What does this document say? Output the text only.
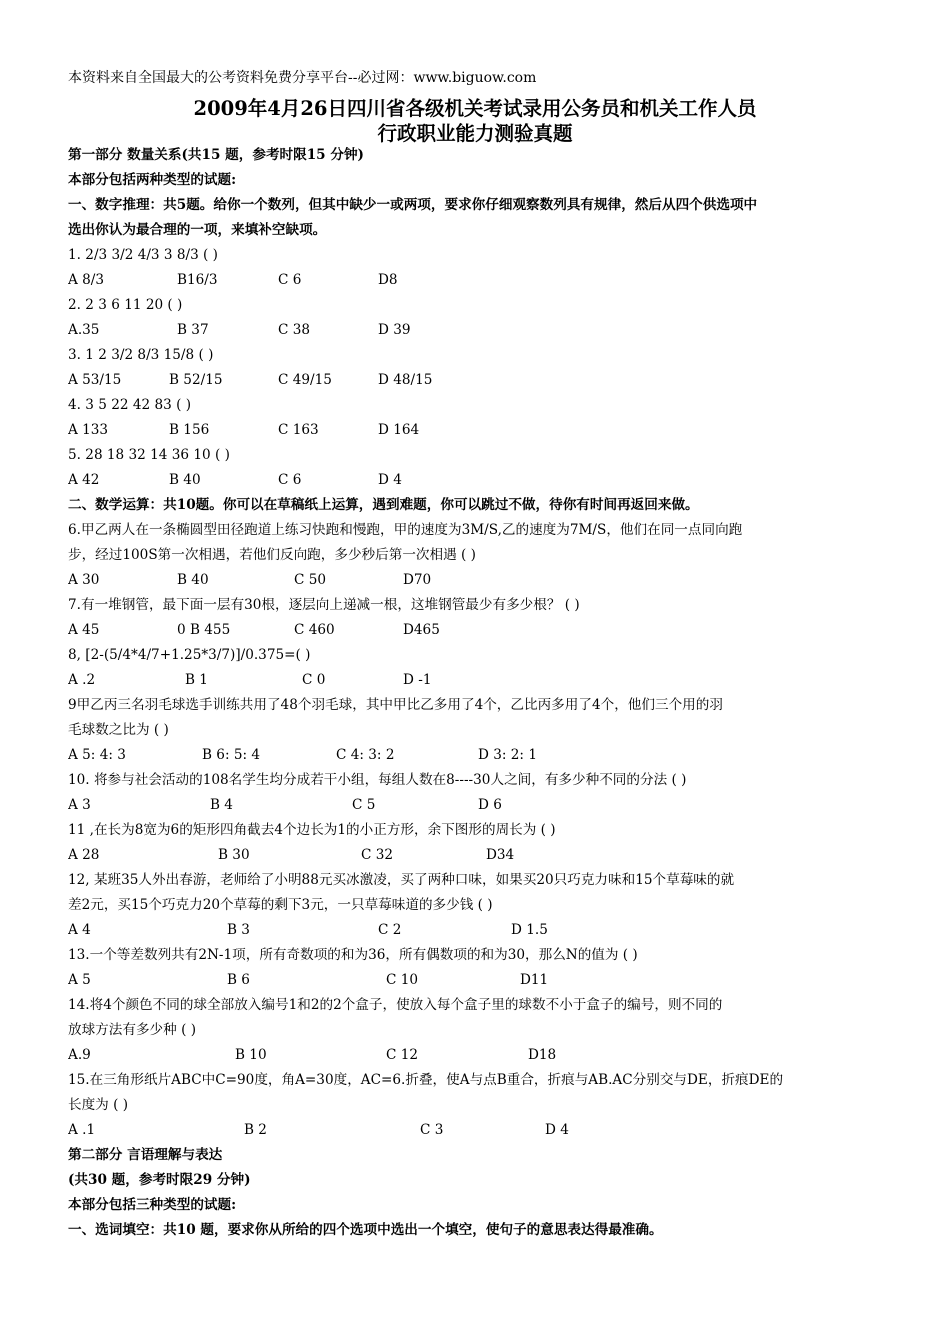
本资料来自全国最大的公考资料免费分享平台--必过网：www.biguow.com
2009年4月26日四川省各级机关考试录用公务员和机关工作人员
行政职业能力测验真题
第一部分 数量关系(共15 题，参考时限15 分钟)
本部分包括两种类型的试题:
一、数字推理：共5题。给你一个数列，但其中缺少一或两项，要求你仔细观察数列具有规律，然后从四个供选项中
选出你认为最合理的一项，来填补空缺项。
1. 2/3 3/2 4/3 3 8/3 ( )
A 8/3	B16/3	C 6	D8
2. 2 3 6 11 20 ( )
A.35	B 37	C 38	D 39
3. 1 2 3/2 8/3 15/8 ( )
A 53/15	B 52/15	C 49/15	D 48/15
4. 3 5 22 42 83 ( )
A 133	B 156	C 163	D 164
5. 28 18 32 14 36 10 ( )
A 42	B 40	C 6	D 4
二、数学运算：共10题。你可以在草稿纸上运算，遇到难题，你可以跳过不做，待你有时间再返回来做。
6.甲乙两人在一条椭圆型田径跑道上练习快跑和慢跑，甲的速度为3M/S,乙的速度为7M/S，他们在同一点同向跑
步，经过100S第一次相遇，若他们反向跑，多少秒后第一次相遇 ( )
A 30	B 40	C 50	D70
7.有一堆钢管，最下面一层有30根，逐层向上递减一根，这堆钢管最少有多少根？ ( )
A 45	0 B 455	C 460	D465
8, [2-(5/4*4/7+1.25*3/7)]/0.375=( )
A .2	B 1	C 0	D -1
9甲乙丙三名羽毛球选手训练共用了48个羽毛球，其中甲比乙多用了4个，乙比丙多用了4个，他们三个用的羽
毛球数之比为 ( )
A 5: 4: 3	B 6: 5: 4	C 4: 3: 2	D 3: 2: 1
10. 将参与社会活动的108名学生均分成若干小组，每组人数在8----30人之间，有多少种不同的分法 ( )
A 3	B 4	C 5	D 6
11 ,在长为8宽为6的矩形四角截去4个边长为1的小正方形，余下图形的周长为 ( )
A 28	B 30	C 32	D34
12, 某班35人外出春游，老师给了小明88元买冰激凌，买了两种口味，如果买20只巧克力味和15个草莓味的就
差2元，买15个巧克力20个草莓的剩下3元，一只草莓味道的多少钱 ( )
A 4	B 3	C 2	D 1.5
13.一个等差数列共有2N-1项，所有奇数项的和为36，所有偶数项的和为30，那么N的值为 ( )
A 5	B 6	C 10	D11
14.将4个颜色不同的球全部放入编号1和2的2个盒子，使放入每个盒子里的球数不小于盒子的编号，则不同的
放球方法有多少种 ( )
A.9	B 10	C 12	D18
15.在三角形纸片ABC中C=90度，角A=30度，AC=6.折叠，使A与点B重合，折痕与AB.AC分别交与DE，折痕DE的
长度为 ( )
A .1	B 2	C 3	D 4
第二部分 言语理解与表达
(共30 题，参考时限29 分钟)
本部分包括三种类型的试题:
一、选词填空：共10 题，要求你从所给的四个选项中选出一个填空，使句子的意思表达得最准确。
